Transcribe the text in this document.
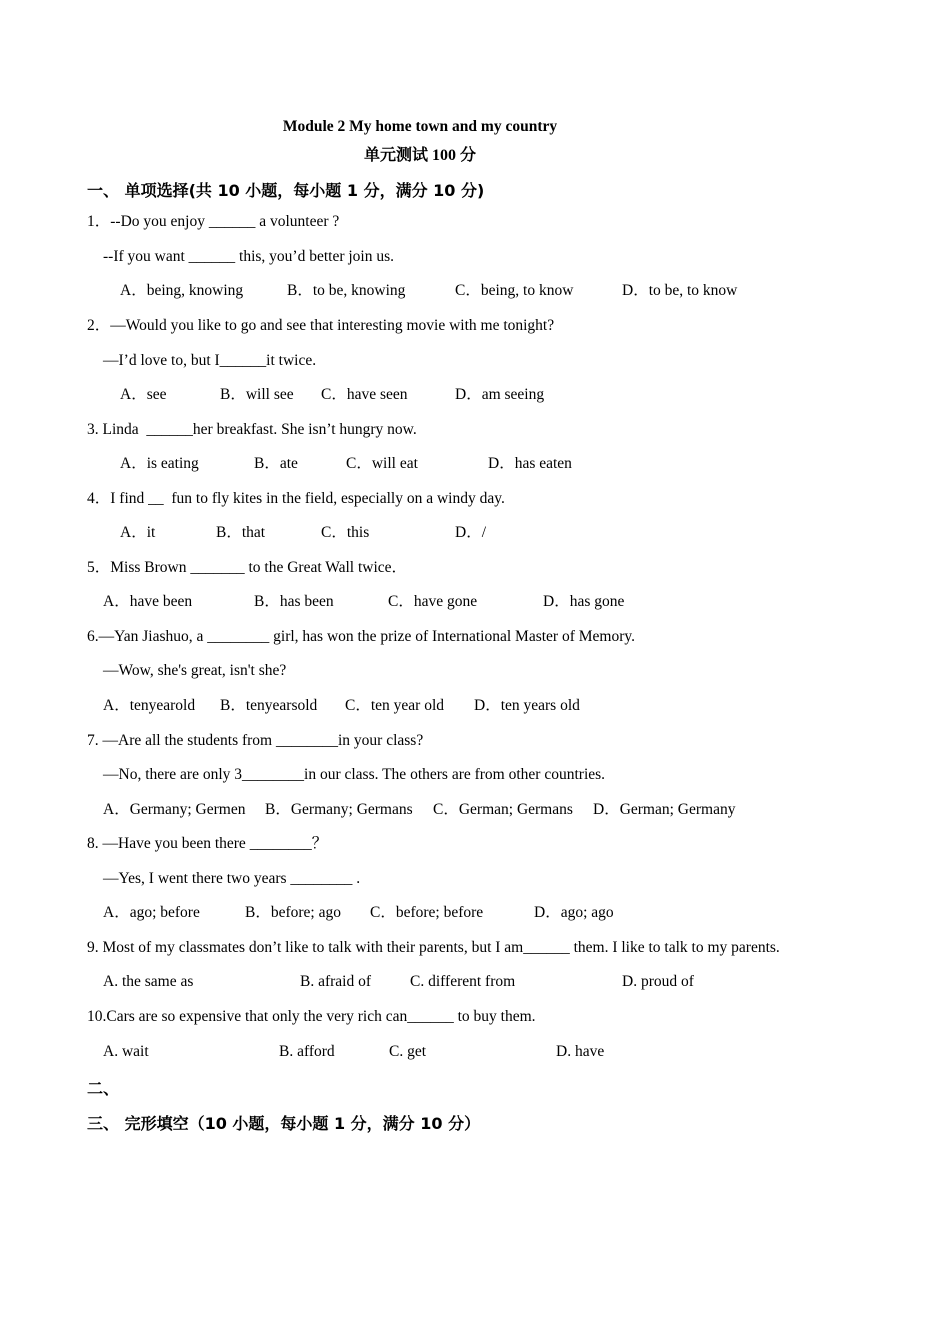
Module 2 My home town and my country
单元测试 100 分
一、 单项选择(共 10 小题，每小题 1 分，满分 10 分)
1．--Do you enjoy ______ a volunteer ?
--If you want ______ this, you’d better join us.
A．being, knowing	B．to be, knowing	C．being, to know	D．to be, to know
2．—Would you like to go and see that interesting movie with me tonight?
—I’d love to, but I______it twice.
A．see	B．will see C．have seen	D．am seeing
3. Linda  ______her breakfast. She isn’t hungry now.
A．is eating	B．ate	C．will eat	D．has eaten
4．I find __  fun to fly kites in the field, especially on a windy day.
A．it	B．that	C．this	D．/
5．Miss Brown _______ to the Great Wall twice．
A．have been	B．has been	C．have gone	D．has gone
6.—Yan Jiashuo, a ________ girl, has won the prize of International Master of Memory.
—Wow, she's great, isn't she?
A．tenyearold B．tenyearsold C．ten year old D．ten years old
7. —Are all the students from ________in your class?
—No, there are only 3________in our class. The others are from other countries.
A．Germany; Germen B．Germany; Germans C．German; Germans D．German; Germany
8. —Have you been there ________？
—Yes, I went there two years ________ .
A．ago; before	B．before; ago C．before; before	D．ago; ago
9. Most of my classmates don’t like to talk with their parents, but I am______ them. I like to talk to my parents.
A. the same as	B. afraid of	C. different from	D. proud of
10.Cars are so expensive that only the very rich can______ to buy them.
A. wait	B. afford	C. get	D. have
二、
三、 完形填空（10 小题，每小题 1 分，满分 10 分）
